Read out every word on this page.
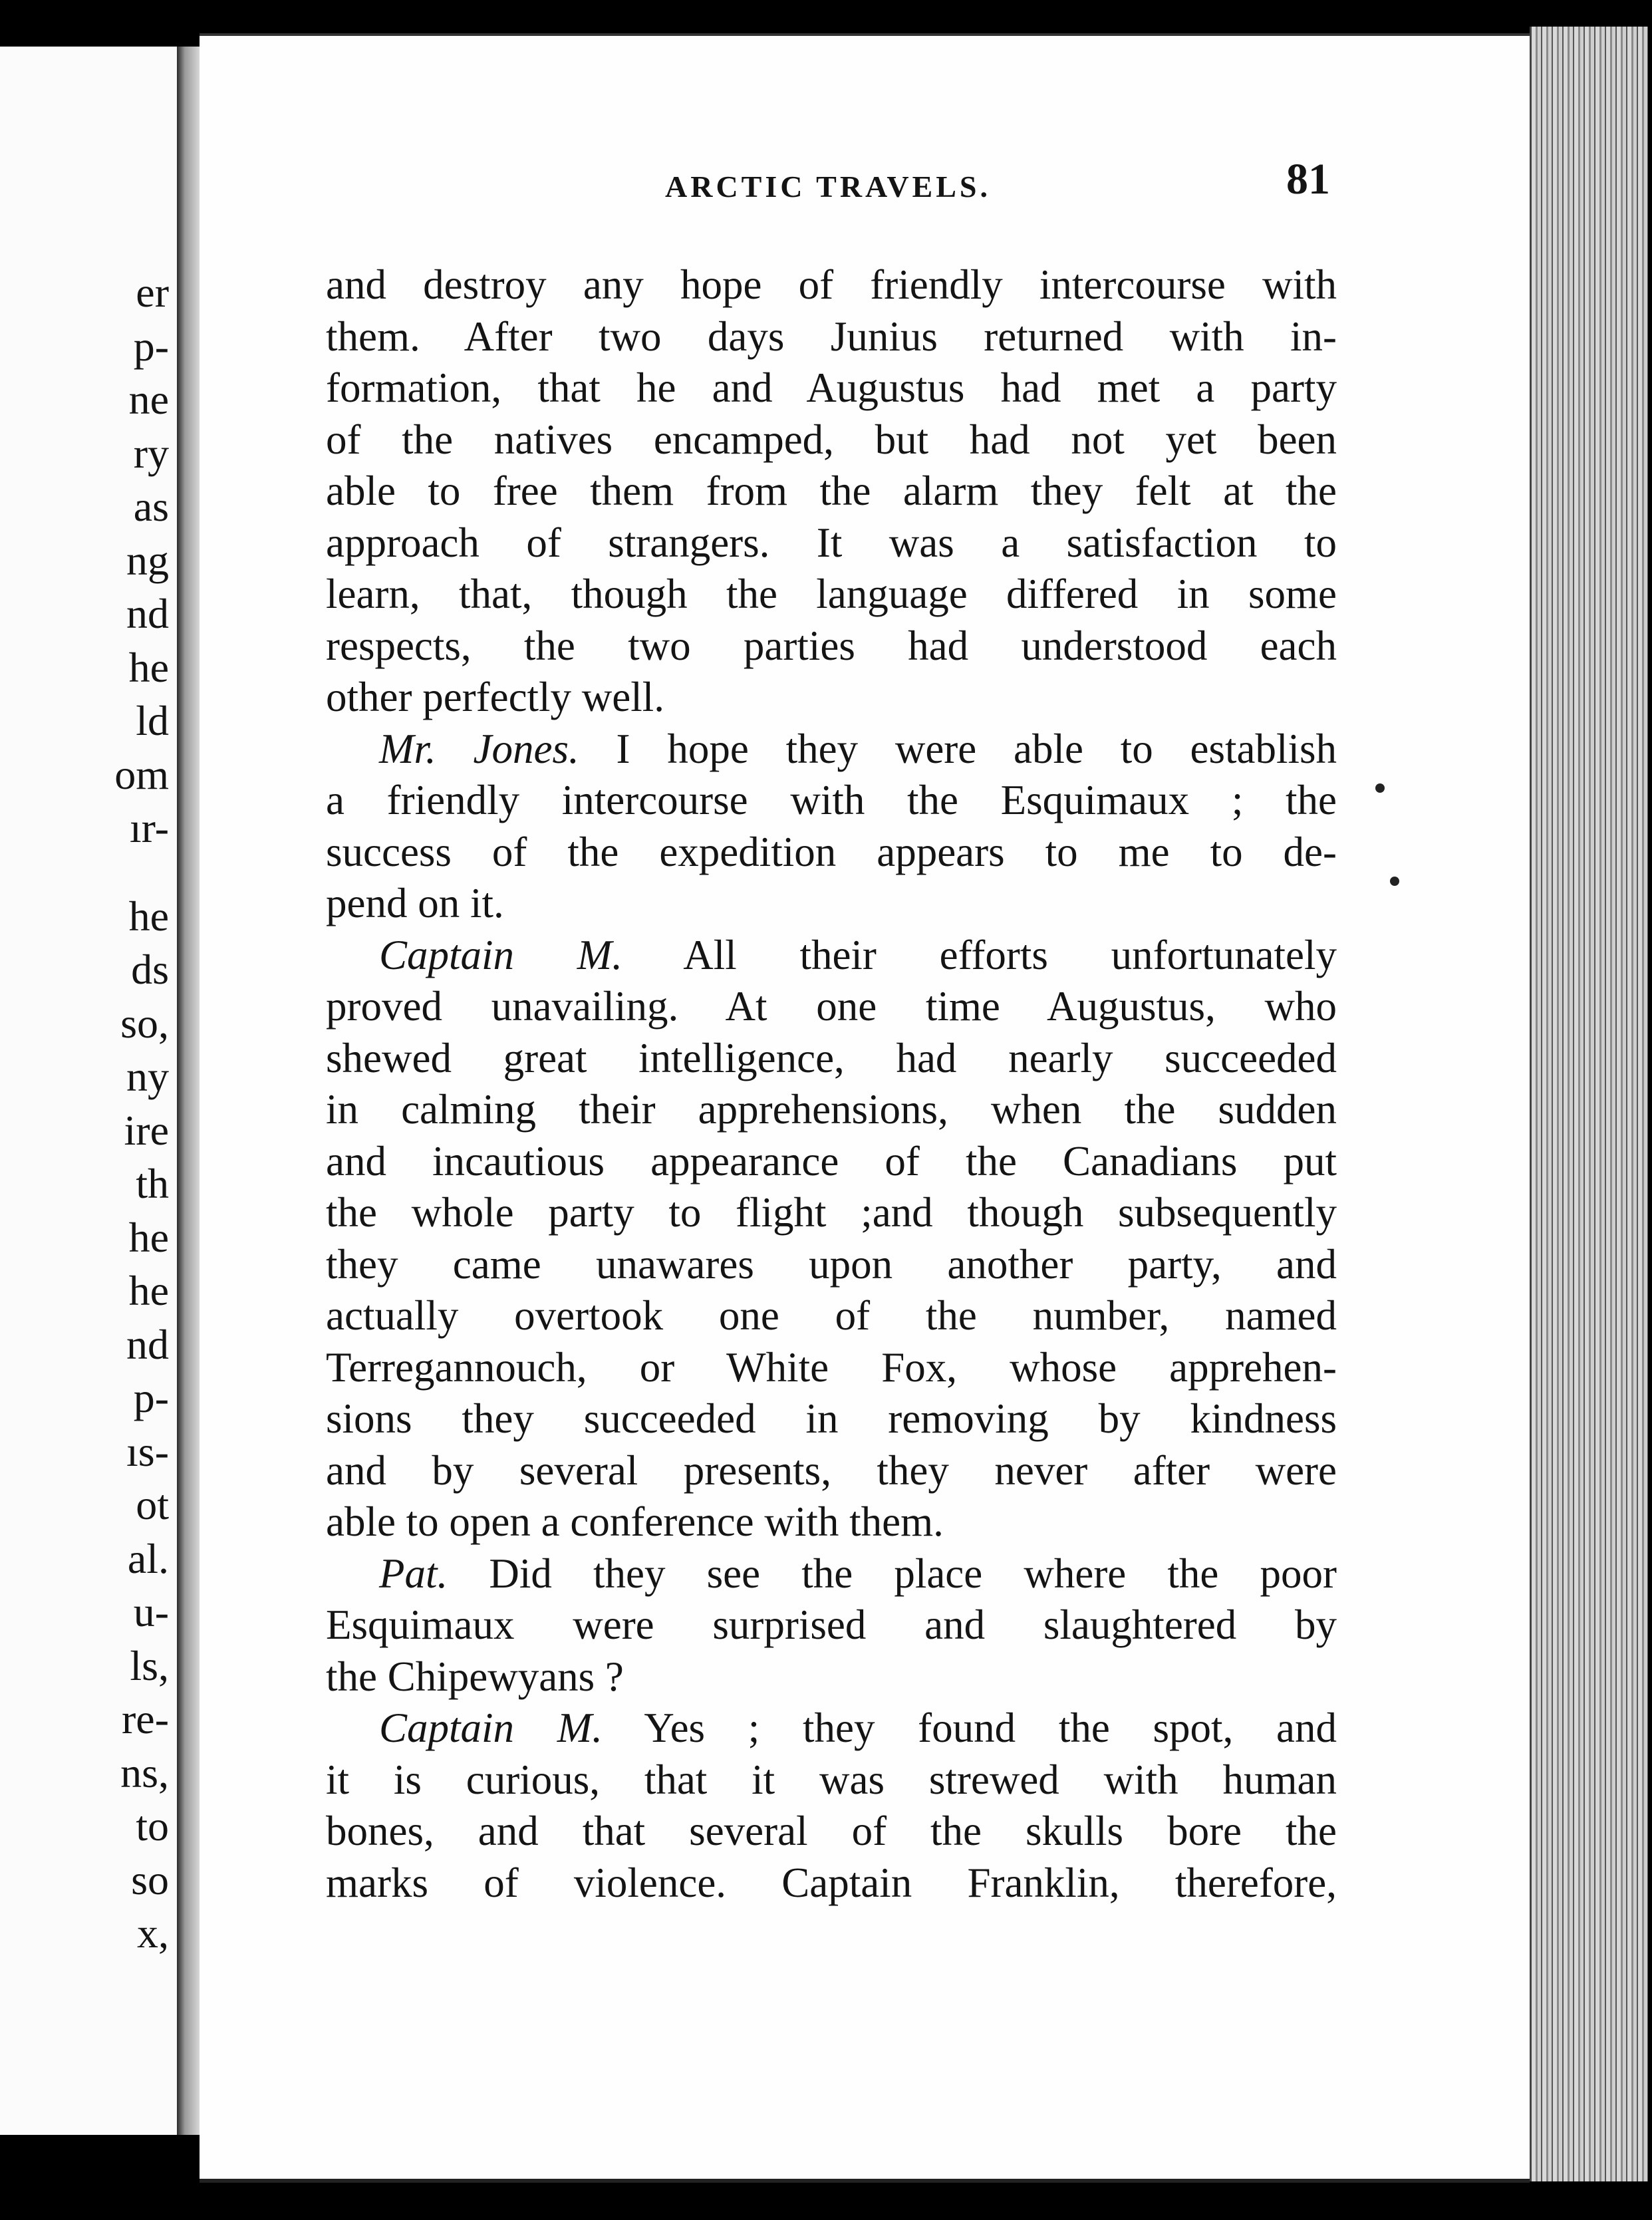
er
p-
ne
ry
as
ng
nd
he
ld
om
ır-
he
ds
so,
ny
ire
th
he
he
nd
p-
ıs-
ot
al.
u-
ls,
re-
ns,
to
so
x,
ARCTIC TRAVELS.	81
and destroy any hope of friendly intercourse with
them. After two days Junius returned with in-
formation, that he and Augustus had met a party
of the natives encamped, but had not yet been
able to free them from the alarm they felt at the
approach of strangers. It was a satisfaction to
learn, that, though the language differed in some
respects, the two parties had understood each
other perfectly well.
Mr. Jones. I hope they were able to establish
a friendly intercourse with the Esquimaux ; the
success of the expedition appears to me to de-
pend on it.
Captain M. All their efforts unfortunately
proved unavailing. At one time Augustus, who
shewed great intelligence, had nearly succeeded
in calming their apprehensions, when the sudden
and incautious appearance of the Canadians put
the whole party to flight ;and though subsequently
they came unawares upon another party, and
actually overtook one of the number, named
Terregannouch, or White Fox, whose apprehen-
sions they succeeded in removing by kindness
and by several presents, they never after were
able to open a conference with them.
Pat. Did they see the place where the poor
Esquimaux were surprised and slaughtered by
the Chipewyans ?
Captain M. Yes ; they found the spot, and
it is curious, that it was strewed with human
bones, and that several of the skulls bore the
marks of violence. Captain Franklin, therefore,
